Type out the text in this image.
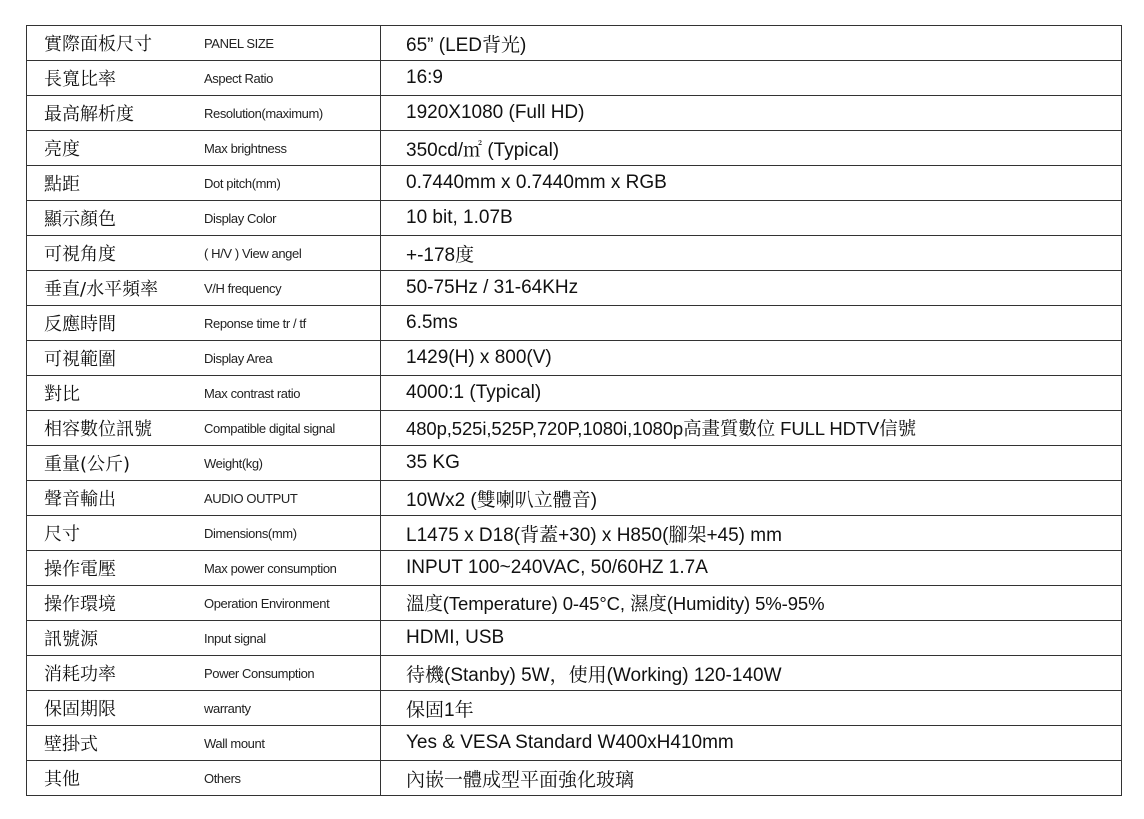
實際面板尺寸 PANEL SIZE	65” (LED背光)

長寬比率 Aspect Ratio	16:9

最高解析度 Resolution(maximum)	1920X1080 (Full HD)

亮度 Max brightness	350cd/㎡ (Typical)

點距 Dot pitch(mm)	0.7440mm x 0.7440mm x RGB

顯示顏色 Display Color	10 bit, 1.07B

可視角度 ( H/V ) View angel	+-178度

垂直/水平頻率 V/H frequency	50-75Hz / 31-64KHz

反應時間 Reponse time tr / tf	6.5ms

可視範圍 Display Area	1429(H) x 800(V)

對比 Max contrast ratio	4000:1 (Typical)

相容數位訊號 Compatible digital signal	480p,525i,525P,720P,1080i,1080p高畫質數位 FULL HDTV信號

重量(公斤) Weight(kg)	35 KG

聲音輸出 AUDIO OUTPUT	10Wx2 (雙喇叭立體音)

尺寸 Dimensions(mm)	L1475 x D18(背蓋+30) x H850(腳架+45) mm

操作電壓 Max power consumption	INPUT 100~240VAC, 50/60HZ 1.7A

操作環境 Operation Environment	溫度(Temperature) 0-45°C, 濕度(Humidity) 5%-95%

訊號源 Input signal	HDMI, USB

消耗功率 Power Consumption	待機(Stanby) 5W，使用(Working) 120-140W

保固期限 warranty	保固1年

壁掛式 Wall mount	Yes & VESA Standard W400xH410mm

其他 Others	內嵌一體成型平面強化玻璃
